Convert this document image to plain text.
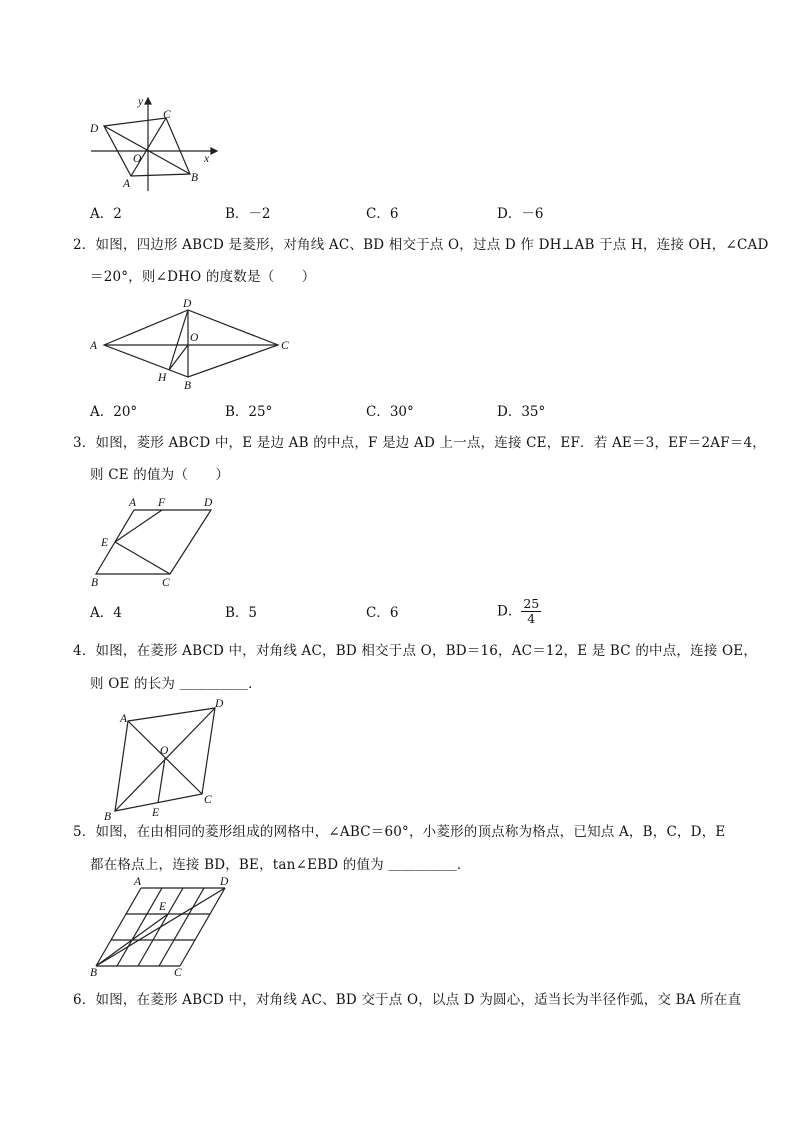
y
x
D
C
O
A	B
A．2	B．－2	C．6	D．－6
2．如图，四边形 ABCD 是菱形，对角线 AC、BD 相交于点 O，过点 D 作 DH⊥AB 于点 H，连接 OH，∠CAD
＝20°，则∠DHO 的度数是（　　）
D
A
O
C
H
B
A．20°	B．25°	C．30°	D．35°
3．如图，菱形 ABCD 中，E 是边 AB 的中点，F 是边 AD 上一点，连接 CE，EF．若 AE＝3，EF＝2AF＝4，
则 CE 的值为（　　）
A F	D
E
B	C
A．4	B．5	C．6	D． $\frac{25}{4}$
4．如图，在菱形 ABCD 中，对角线 AC，BD 相交于点 O，BD＝16，AC＝12，E 是 BC 的中点，连接 OE，
则 OE 的长为 ＿＿＿＿＿．
A
D
O
B	E
C
5．如图，在由相同的菱形组成的网格中，∠ABC＝60°，小菱形的顶点称为格点，已知点 A，B，C，D，E
都在格点上，连接 BD，BE，tan∠EBD 的值为 ＿＿＿＿＿．
A	D
E
B	C
6．如图，在菱形 ABCD 中，对角线 AC、BD 交于点 O，以点 D 为圆心，适当长为半径作弧，交 BA 所在直
